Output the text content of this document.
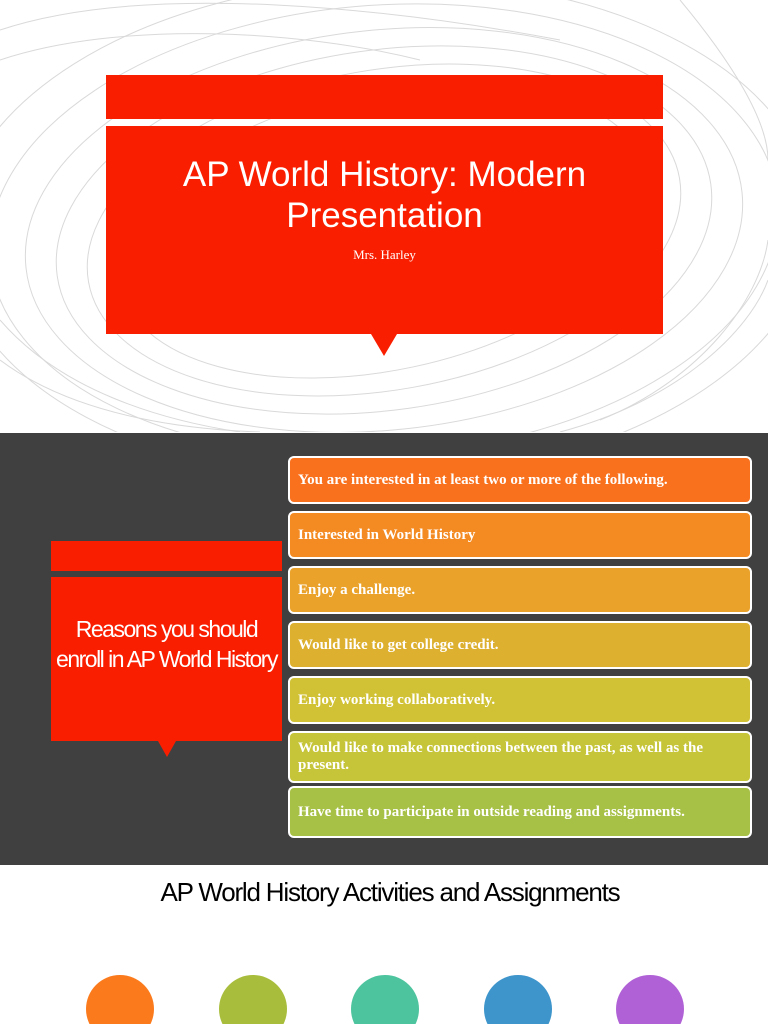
AP World History: Modern Presentation
Mrs. Harley
Reasons you should enroll in AP World History
You are interested in at least two or more of the following.
Interested in World History
Enjoy a challenge.
Would like to get college credit.
Enjoy working collaboratively.
Would like to make connections between the past, as well as the present.
Have time to participate in outside reading and assignments.
AP World History Activities and Assignments
